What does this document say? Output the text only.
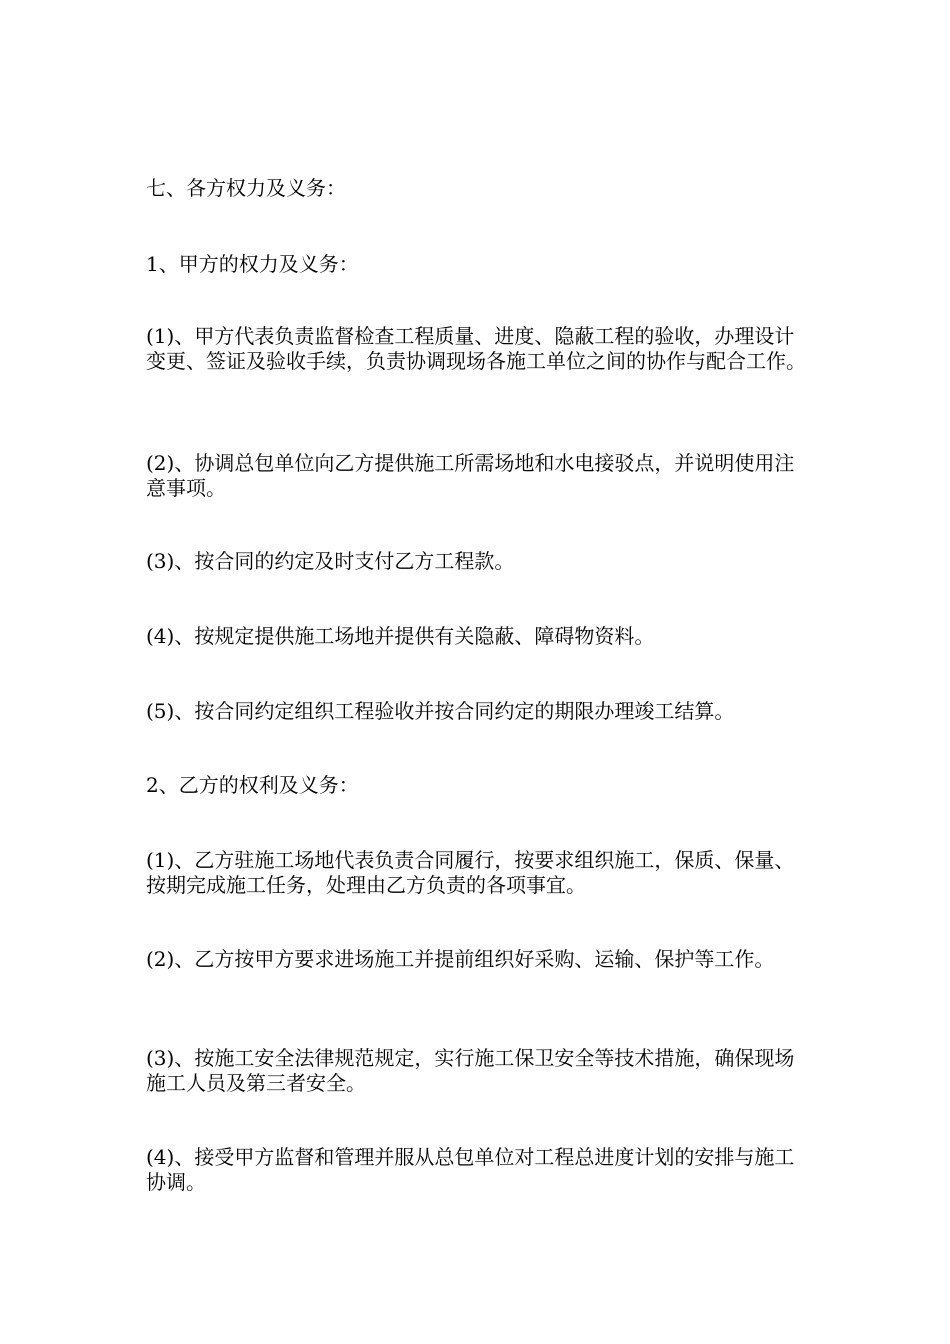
七、各方权力及义务：

1、甲方的权力及义务：

(1)、甲方代表负责监督检查工程质量、进度、隐蔽工程的验收，办理设计变更、签证及验收手续，负责协调现场各施工单位之间的协作与配合工作。

(2)、协调总包单位向乙方提供施工所需场地和水电接驳点，并说明使用注意事项。

(3)、按合同的约定及时支付乙方工程款。

(4)、按规定提供施工场地并提供有关隐蔽、障碍物资料。

(5)、按合同约定组织工程验收并按合同约定的期限办理竣工结算。

2、乙方的权利及义务：

(1)、乙方驻施工场地代表负责合同履行，按要求组织施工，保质、保量、按期完成施工任务，处理由乙方负责的各项事宜。

(2)、乙方按甲方要求进场施工并提前组织好采购、运输、保护等工作。

(3)、按施工安全法律规范规定，实行施工保卫安全等技术措施，确保现场施工人员及第三者安全。

(4)、接受甲方监督和管理并服从总包单位对工程总进度计划的安排与施工协调。
